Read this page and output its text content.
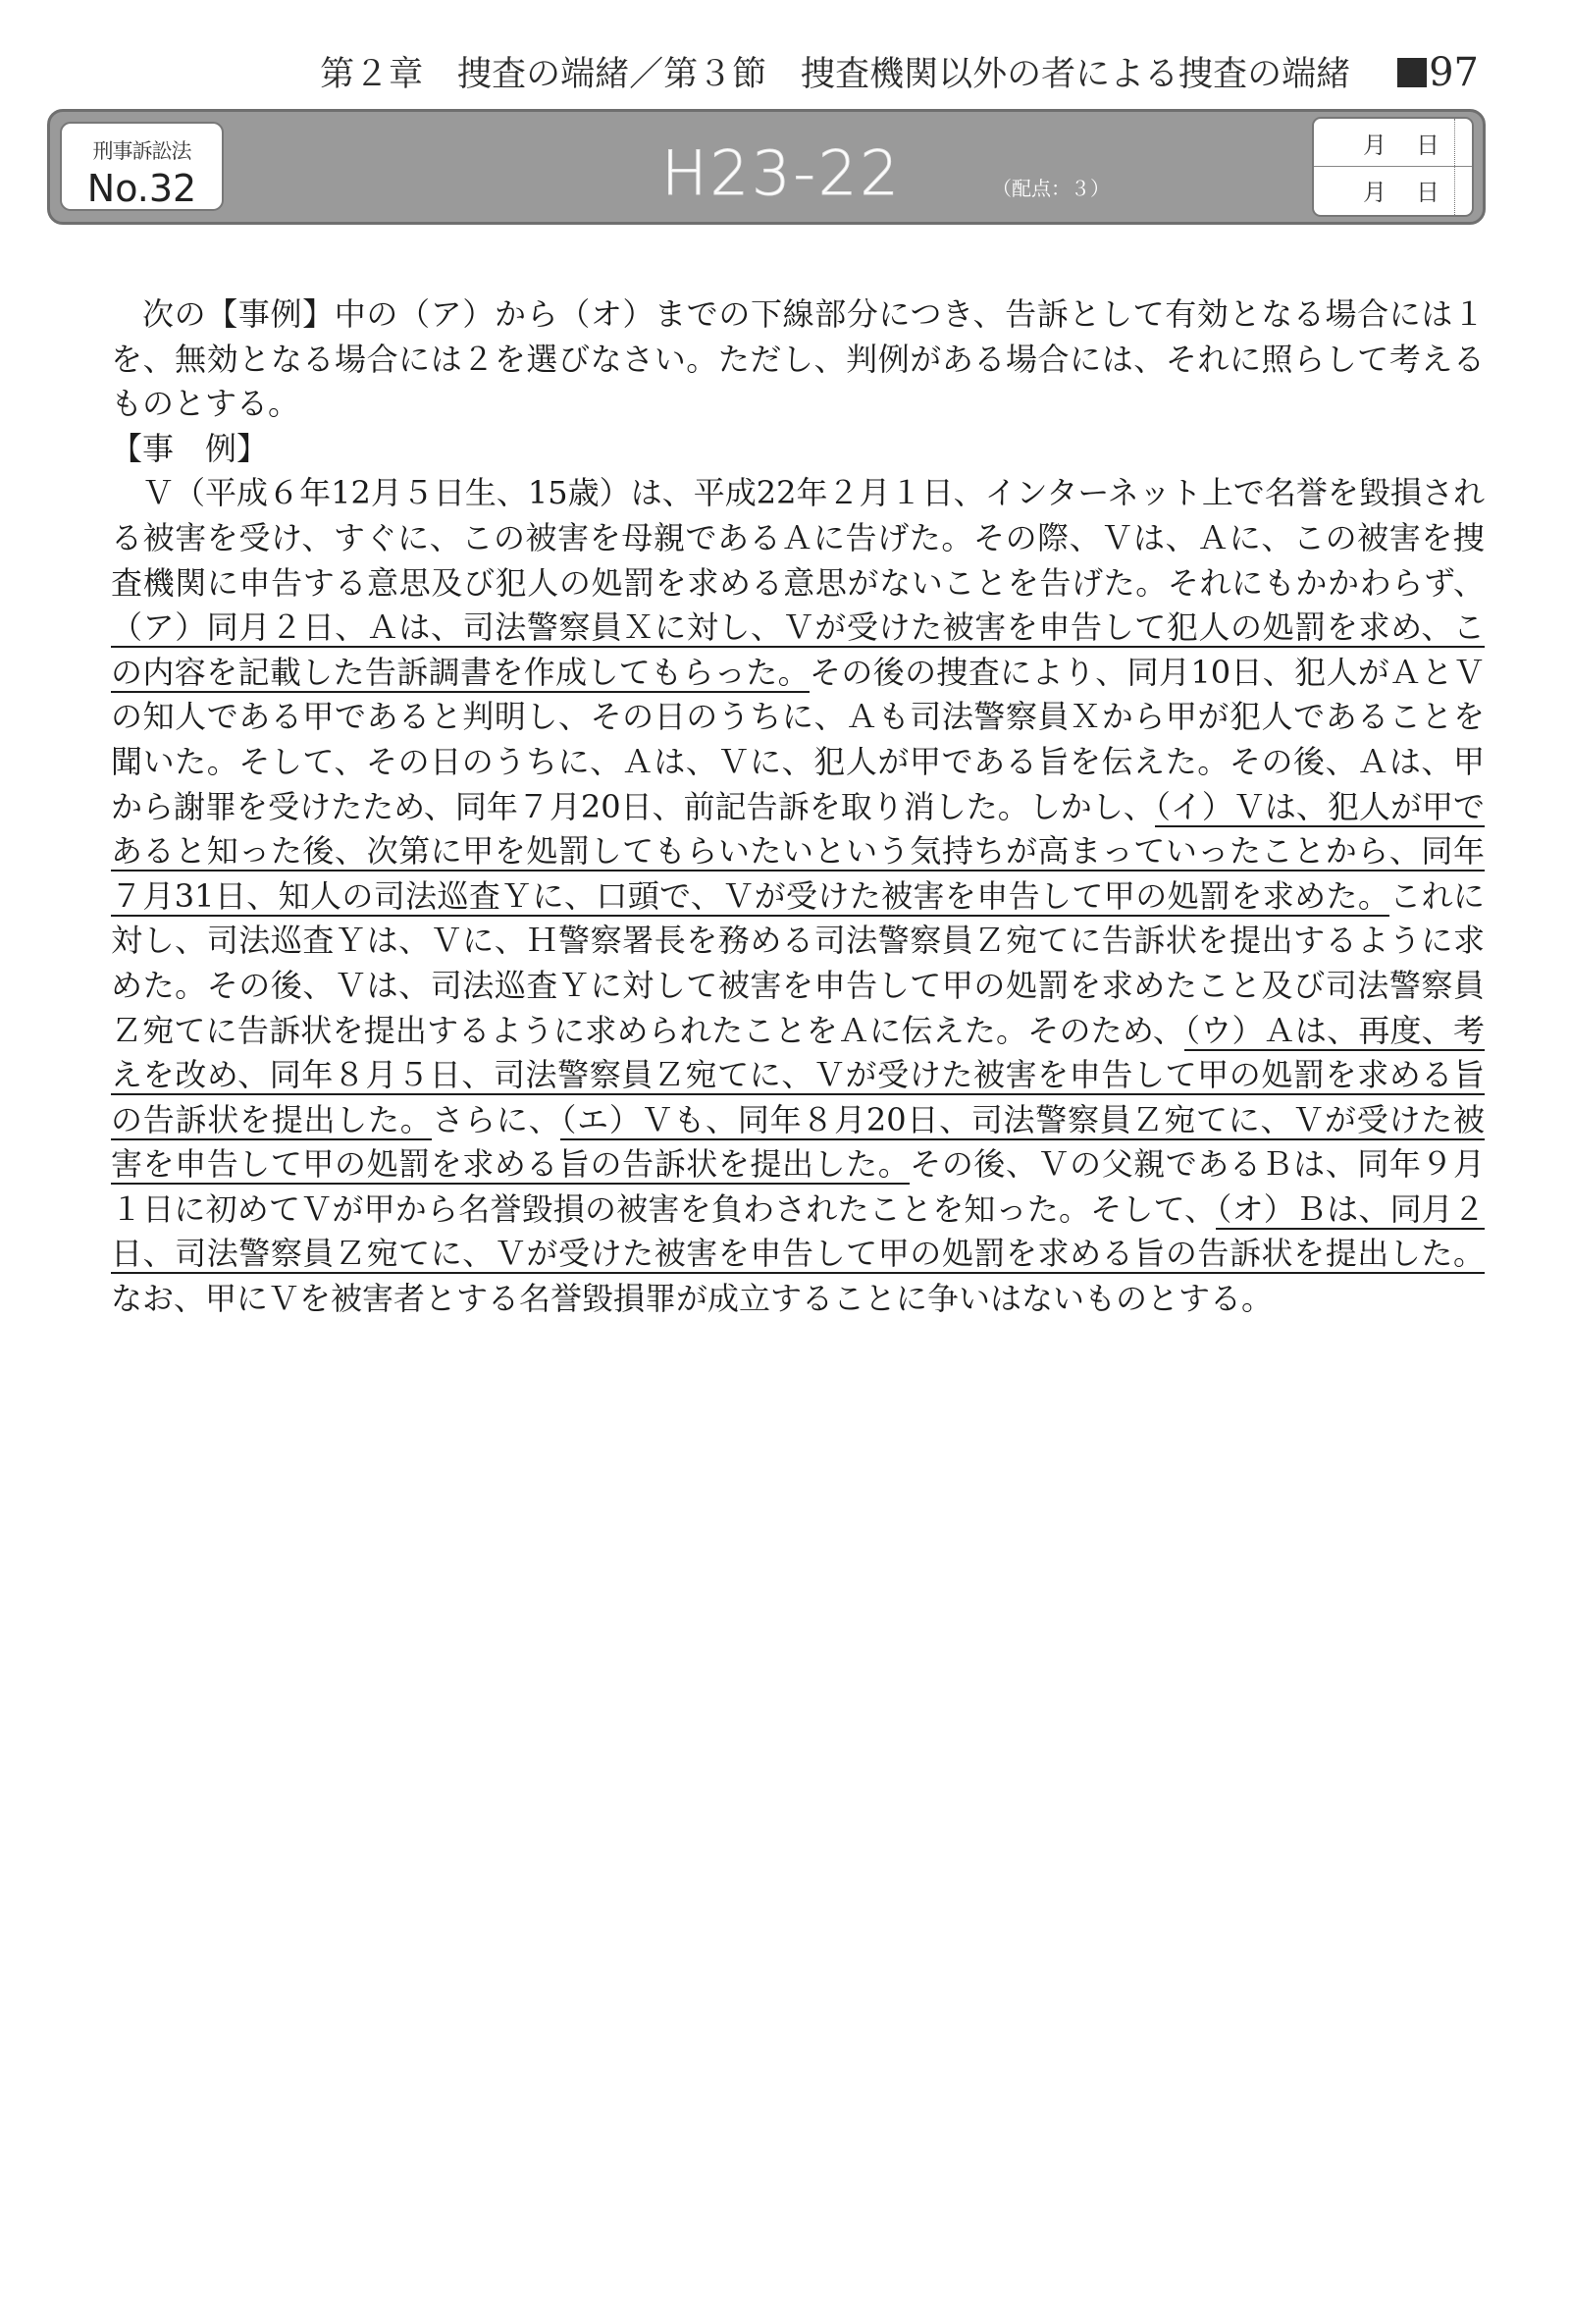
第２章　捜査の端緒／第３節　捜査機関以外の者による捜査の端緒 97
刑事訴訟法
No.32	H23-22	（配点：３）
月 日
月 日

次の【事例】中の（ア）から（オ）までの下線部分につき、告訴として有効となる場合には１を、無効となる場合には２を選びなさい。ただし、判例がある場合には、それに照らして考えるものとする。

【事　例】

Ｖ（平成６年12月５日生、15歳）は、平成22年２月１日、インターネット上で名誉を毀損される被害を受け、すぐに、この被害を母親であるＡに告げた。その際、Ｖは、Ａに、この被害を捜査機関に申告する意思及び犯人の処罰を求める意思がないことを告げた。それにもかかわらず、（ア）同月２日、Ａは、司法警察員Ｘに対し、Ｖが受けた被害を申告して犯人の処罰を求め、この内容を記載した告訴調書を作成してもらった。その後の捜査により、同月10日、犯人がＡとＶの知人である甲であると判明し、その日のうちに、Ａも司法警察員Ｘから甲が犯人であることを聞いた。そして、その日のうちに、Ａは、Ｖに、犯人が甲である旨を伝えた。その後、Ａは、甲から謝罪を受けたため、同年７月20日、前記告訴を取り消した。しかし、（イ）Ｖは、犯人が甲であると知った後、次第に甲を処罰してもらいたいという気持ちが高まっていったことから、同年７月31日、知人の司法巡査Ｙに、口頭で、Ｖが受けた被害を申告して甲の処罰を求めた。これに対し、司法巡査Ｙは、Ｖに、Ｈ警察署長を務める司法警察員Ｚ宛てに告訴状を提出するように求めた。その後、Ｖは、司法巡査Ｙに対して被害を申告して甲の処罰を求めたこと及び司法警察員Ｚ宛てに告訴状を提出するように求められたことをＡに伝えた。そのため、（ウ）Ａは、再度、考えを改め、同年８月５日、司法警察員Ｚ宛てに、Ｖが受けた被害を申告して甲の処罰を求める旨の告訴状を提出した。さらに、（エ）Ｖも、同年８月20日、司法警察員Ｚ宛てに、Ｖが受けた被害を申告して甲の処罰を求める旨の告訴状を提出した。その後、Ｖの父親であるＢは、同年９月１日に初めてＶが甲から名誉毀損の被害を負わされたことを知った。そして、（オ）Ｂは、同月２日、司法警察員Ｚ宛てに、Ｖが受けた被害を申告して甲の処罰を求める旨の告訴状を提出した。なお、甲にＶを被害者とする名誉毀損罪が成立することに争いはないものとする。
